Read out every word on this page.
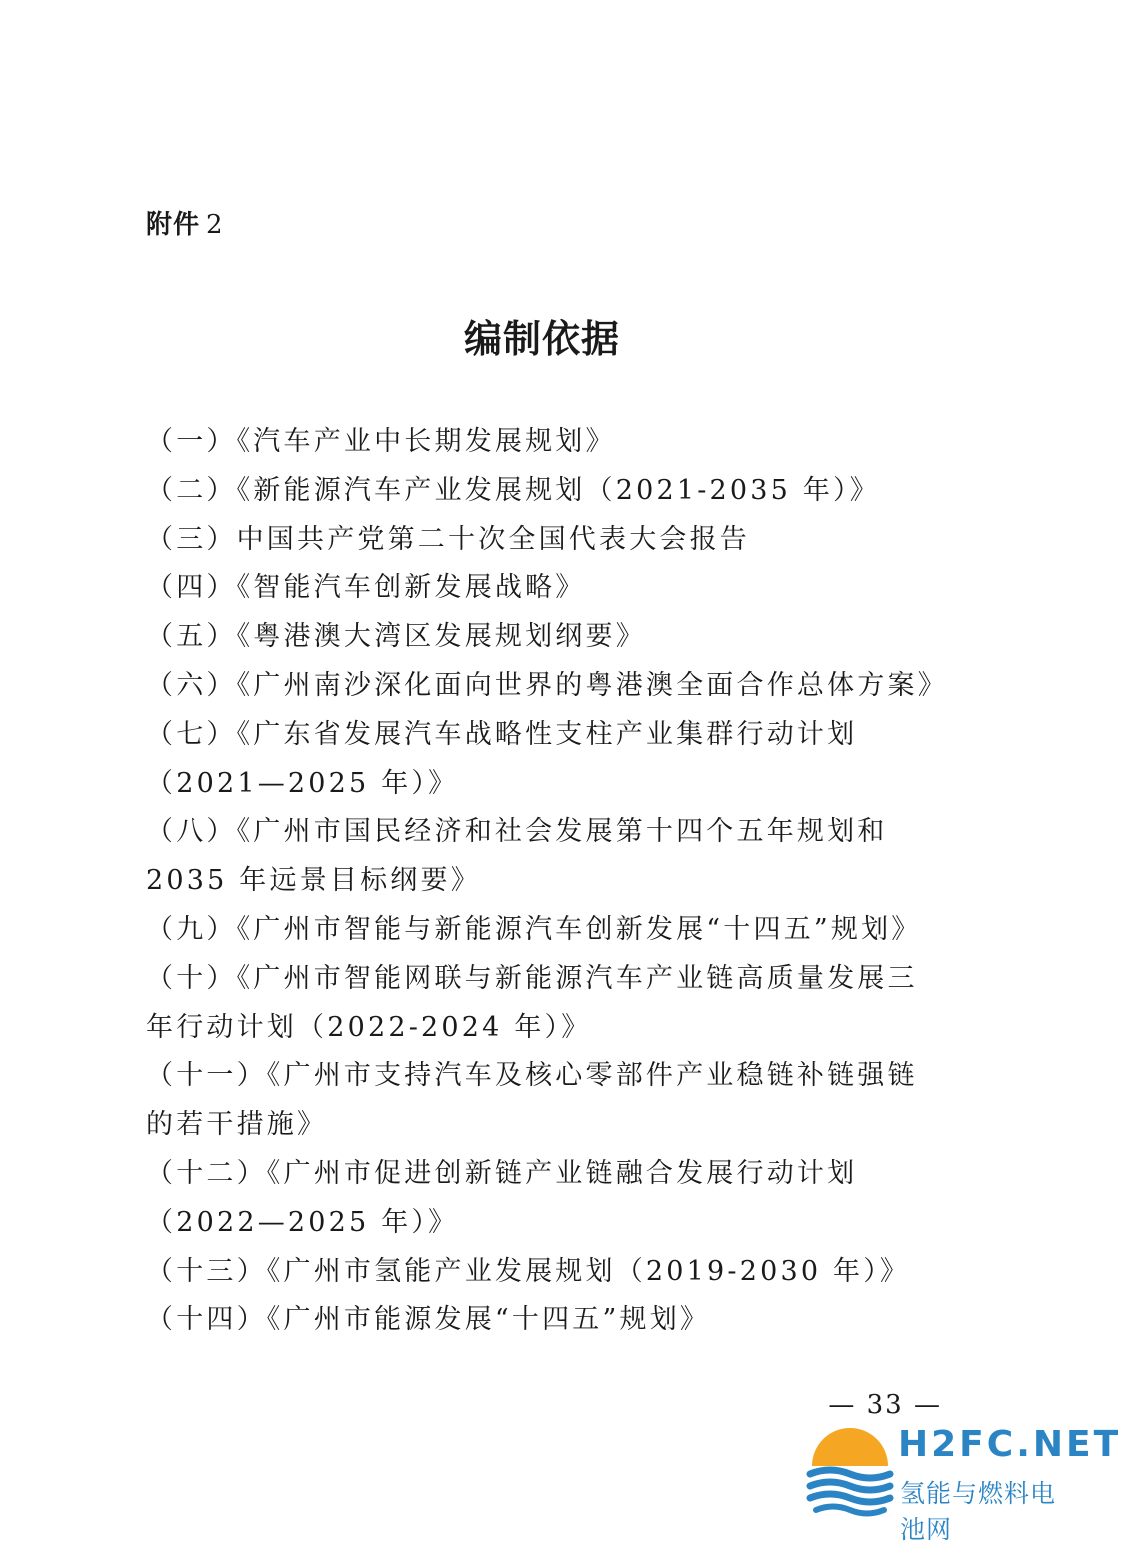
附件 2
编制依据
（一）《汽车产业中长期发展规划》
（二）《新能源汽车产业发展规划（2021-2035 年）》
（三）中国共产党第二十次全国代表大会报告
（四）《智能汽车创新发展战略》
（五）《粤港澳大湾区发展规划纲要》
（六）《广州南沙深化面向世界的粤港澳全面合作总体方案》
（七）《广东省发展汽车战略性支柱产业集群行动计划（2021—2025 年）》
（八）《广州市国民经济和社会发展第十四个五年规划和 2035 年远景目标纲要》
（九）《广州市智能与新能源汽车创新发展“十四五”规划》
（十）《广州市智能网联与新能源汽车产业链高质量发展三年行动计划（2022-2024 年）》
（十一）《广州市支持汽车及核心零部件产业稳链补链强链的若干措施》
（十二）《广州市促进创新链产业链融合发展行动计划（2022—2025 年）》
（十三）《广州市氢能产业发展规划（2019-2030 年）》
（十四）《广州市能源发展“十四五”规划》
— 33 —
H2FC.NET
氢能与燃料电池网
